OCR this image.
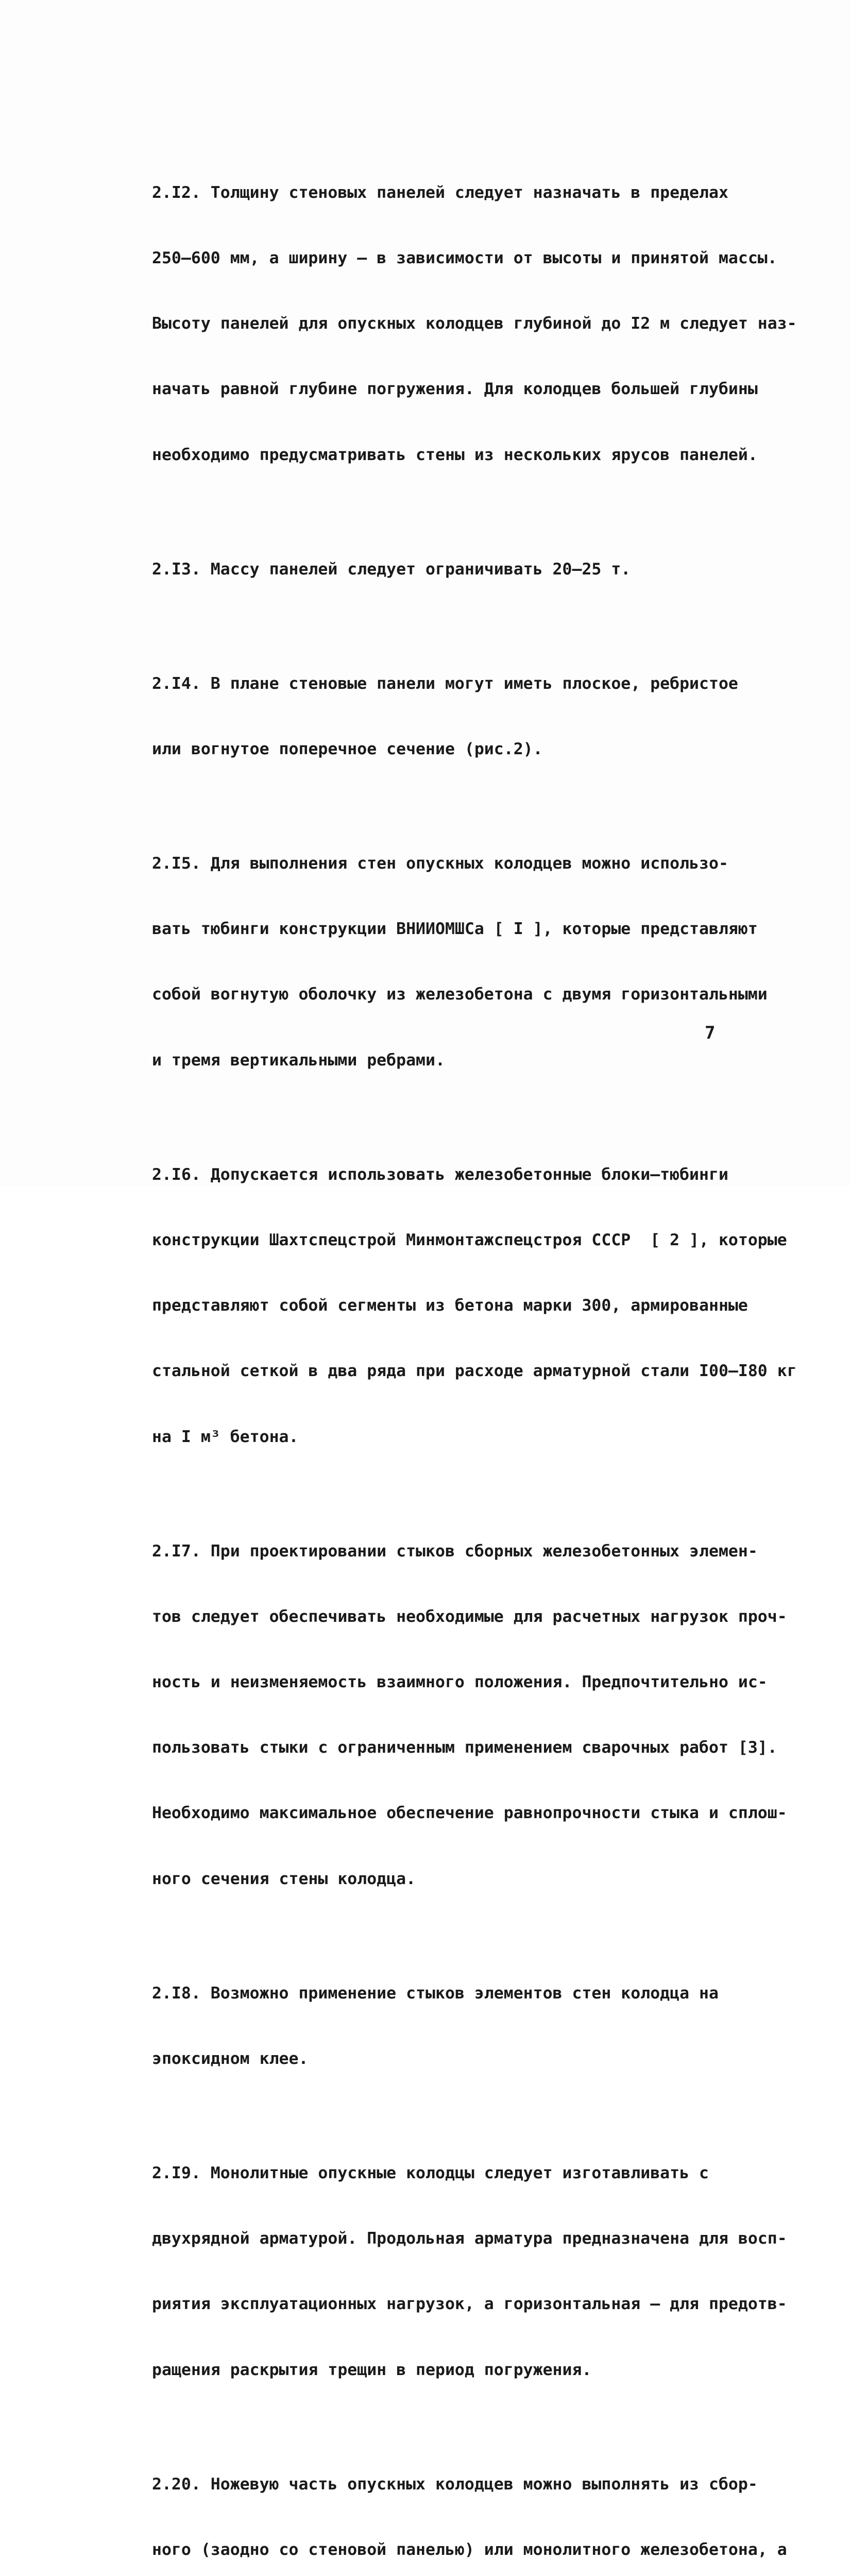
2.I2. Толщину стеновых панелей следует назначать в пределах

250–600 мм, а ширину – в зависимости от высоты и принятой массы.

Высоту панелей для опускных колодцев глубиной до I2 м следует наз-

начать равной глубине погружения. Для колодцев большей глубины

необходимо предусматривать стены из нескольких ярусов панелей.

2.I3. Массу панелей следует ограничивать 20–25 т.

2.I4. В плане стеновые панели могут иметь плоское, ребристое

или вогнутое поперечное сечение (рис.2).

2.I5. Для выполнения стен опускных колодцев можно использо-

вать тюбинги конструкции ВНИИОМШСа [ I ], которые представляют

собой вогнутую оболочку из железобетона с двумя горизонтальными

и тремя вертикальными ребрами.

2.I6. Допускается использовать железобетонные блоки–тюбинги

конструкции Шахтспецстрой Минмонтажспецстроя СССР  [ 2 ], которые

представляют собой сегменты из бетона марки 300, армированные

стальной сеткой в два ряда при расходе арматурной стали I00–I80 кг

на I м³ бетона.

2.I7. При проектировании стыков сборных железобетонных элемен-

тов следует обеспечивать необходимые для расчетных нагрузок проч-

ность и неизменяемость взаимного положения. Предпочтительно ис-

пользовать стыки с ограниченным применением сварочных работ [3].

Необходимо максимальное обеспечение равнопрочности стыка и сплош-

ного сечения стены колодца.

2.I8. Возможно применение стыков элементов стен колодца на

эпоксидном клее.

2.I9. Монолитные опускные колодцы следует изготавливать с

двухрядной арматурой. Продольная арматура предназначена для восп-

риятия эксплуатационных нагрузок, а горизонтальная – для предотв-

ращения раскрытия трещин в период погружения.

2.20. Ножевую часть опускных колодцев можно выполнять из сбор-

ного (заодно со стеновой панелью) или монолитного железобетона, а

7
